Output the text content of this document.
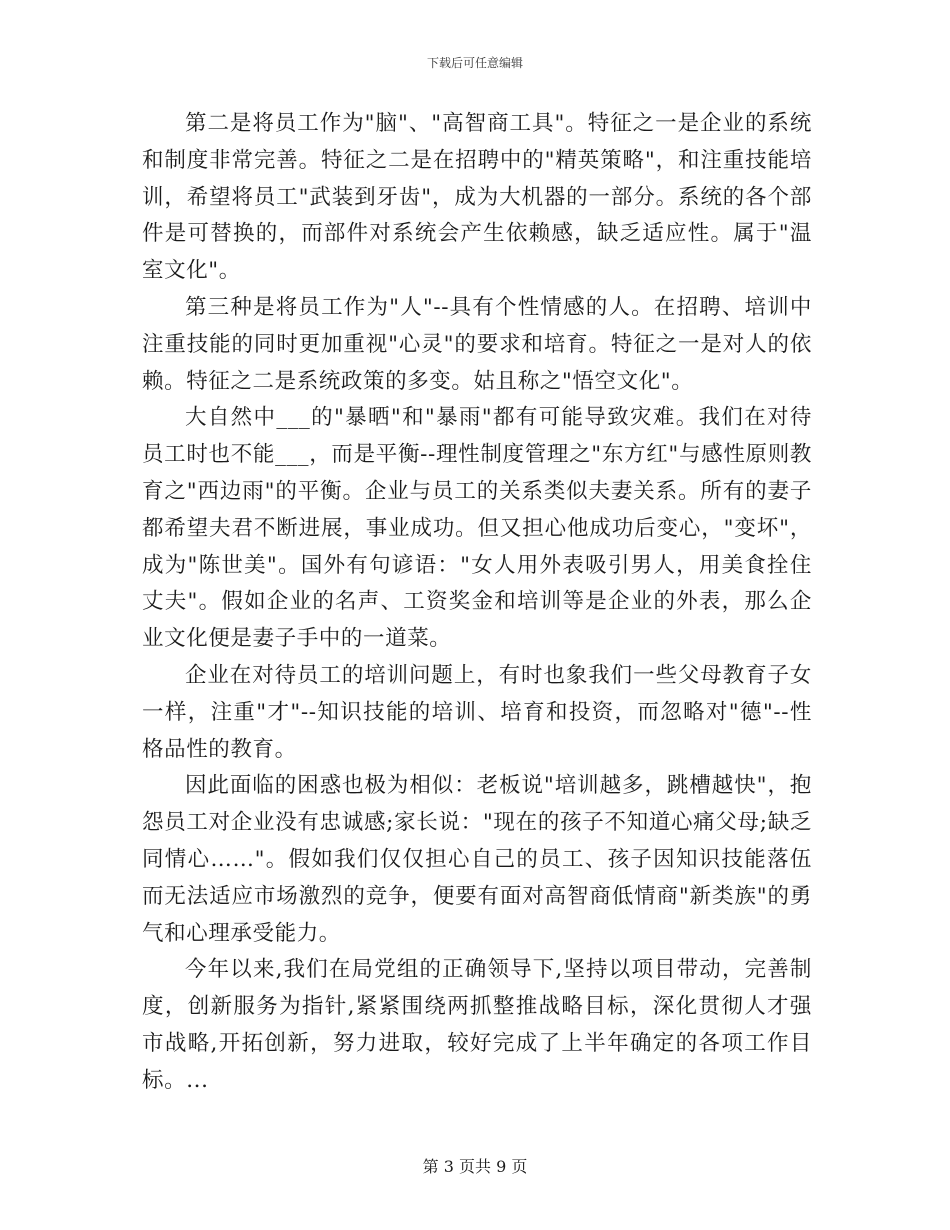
下载后可任意编辑

第二是将员工作为"脑"、"高智商工具"。特征之一是企业的系统和制度非常完善。特征之二是在招聘中的"精英策略"，和注重技能培训，希望将员工"武装到牙齿"，成为大机器的一部分。系统的各个部件是可替换的，而部件对系统会产生依赖感，缺乏适应性。属于"温室文化"。

第三种是将员工作为"人"--具有个性情感的人。在招聘、培训中注重技能的同时更加重视"心灵"的要求和培育。特征之一是对人的依赖。特征之二是系统政策的多变。姑且称之"悟空文化"。

大自然中___的"暴晒"和"暴雨"都有可能导致灾难。我们在对待员工时也不能___，而是平衡--理性制度管理之"东方红"与感性原则教育之"西边雨"的平衡。企业与员工的关系类似夫妻关系。所有的妻子都希望夫君不断进展，事业成功。但又担心他成功后变心，"变坏"，成为"陈世美"。国外有句谚语："女人用外表吸引男人，用美食拴住丈夫"。假如企业的名声、工资奖金和培训等是企业的外表，那么企业文化便是妻子手中的一道菜。

企业在对待员工的培训问题上，有时也象我们一些父母教育子女一样，注重"才"--知识技能的培训、培育和投资，而忽略对"德"--性格品性的教育。

因此面临的困惑也极为相似：老板说"培训越多，跳槽越快"，抱怨员工对企业没有忠诚感;家长说："现在的孩子不知道心痛父母;缺乏同情心……"。假如我们仅仅担心自己的员工、孩子因知识技能落伍而无法适应市场激烈的竞争，便要有面对高智商低情商"新类族"的勇气和心理承受能力。

今年以来,我们在局党组的正确领导下,坚持以项目带动，完善制度，创新服务为指针,紧紧围绕两抓整推战略目标，深化贯彻人才强市战略,开拓创新，努力进取，较好完成了上半年确定的各项工作目标。...

第 3 页共 9 页
